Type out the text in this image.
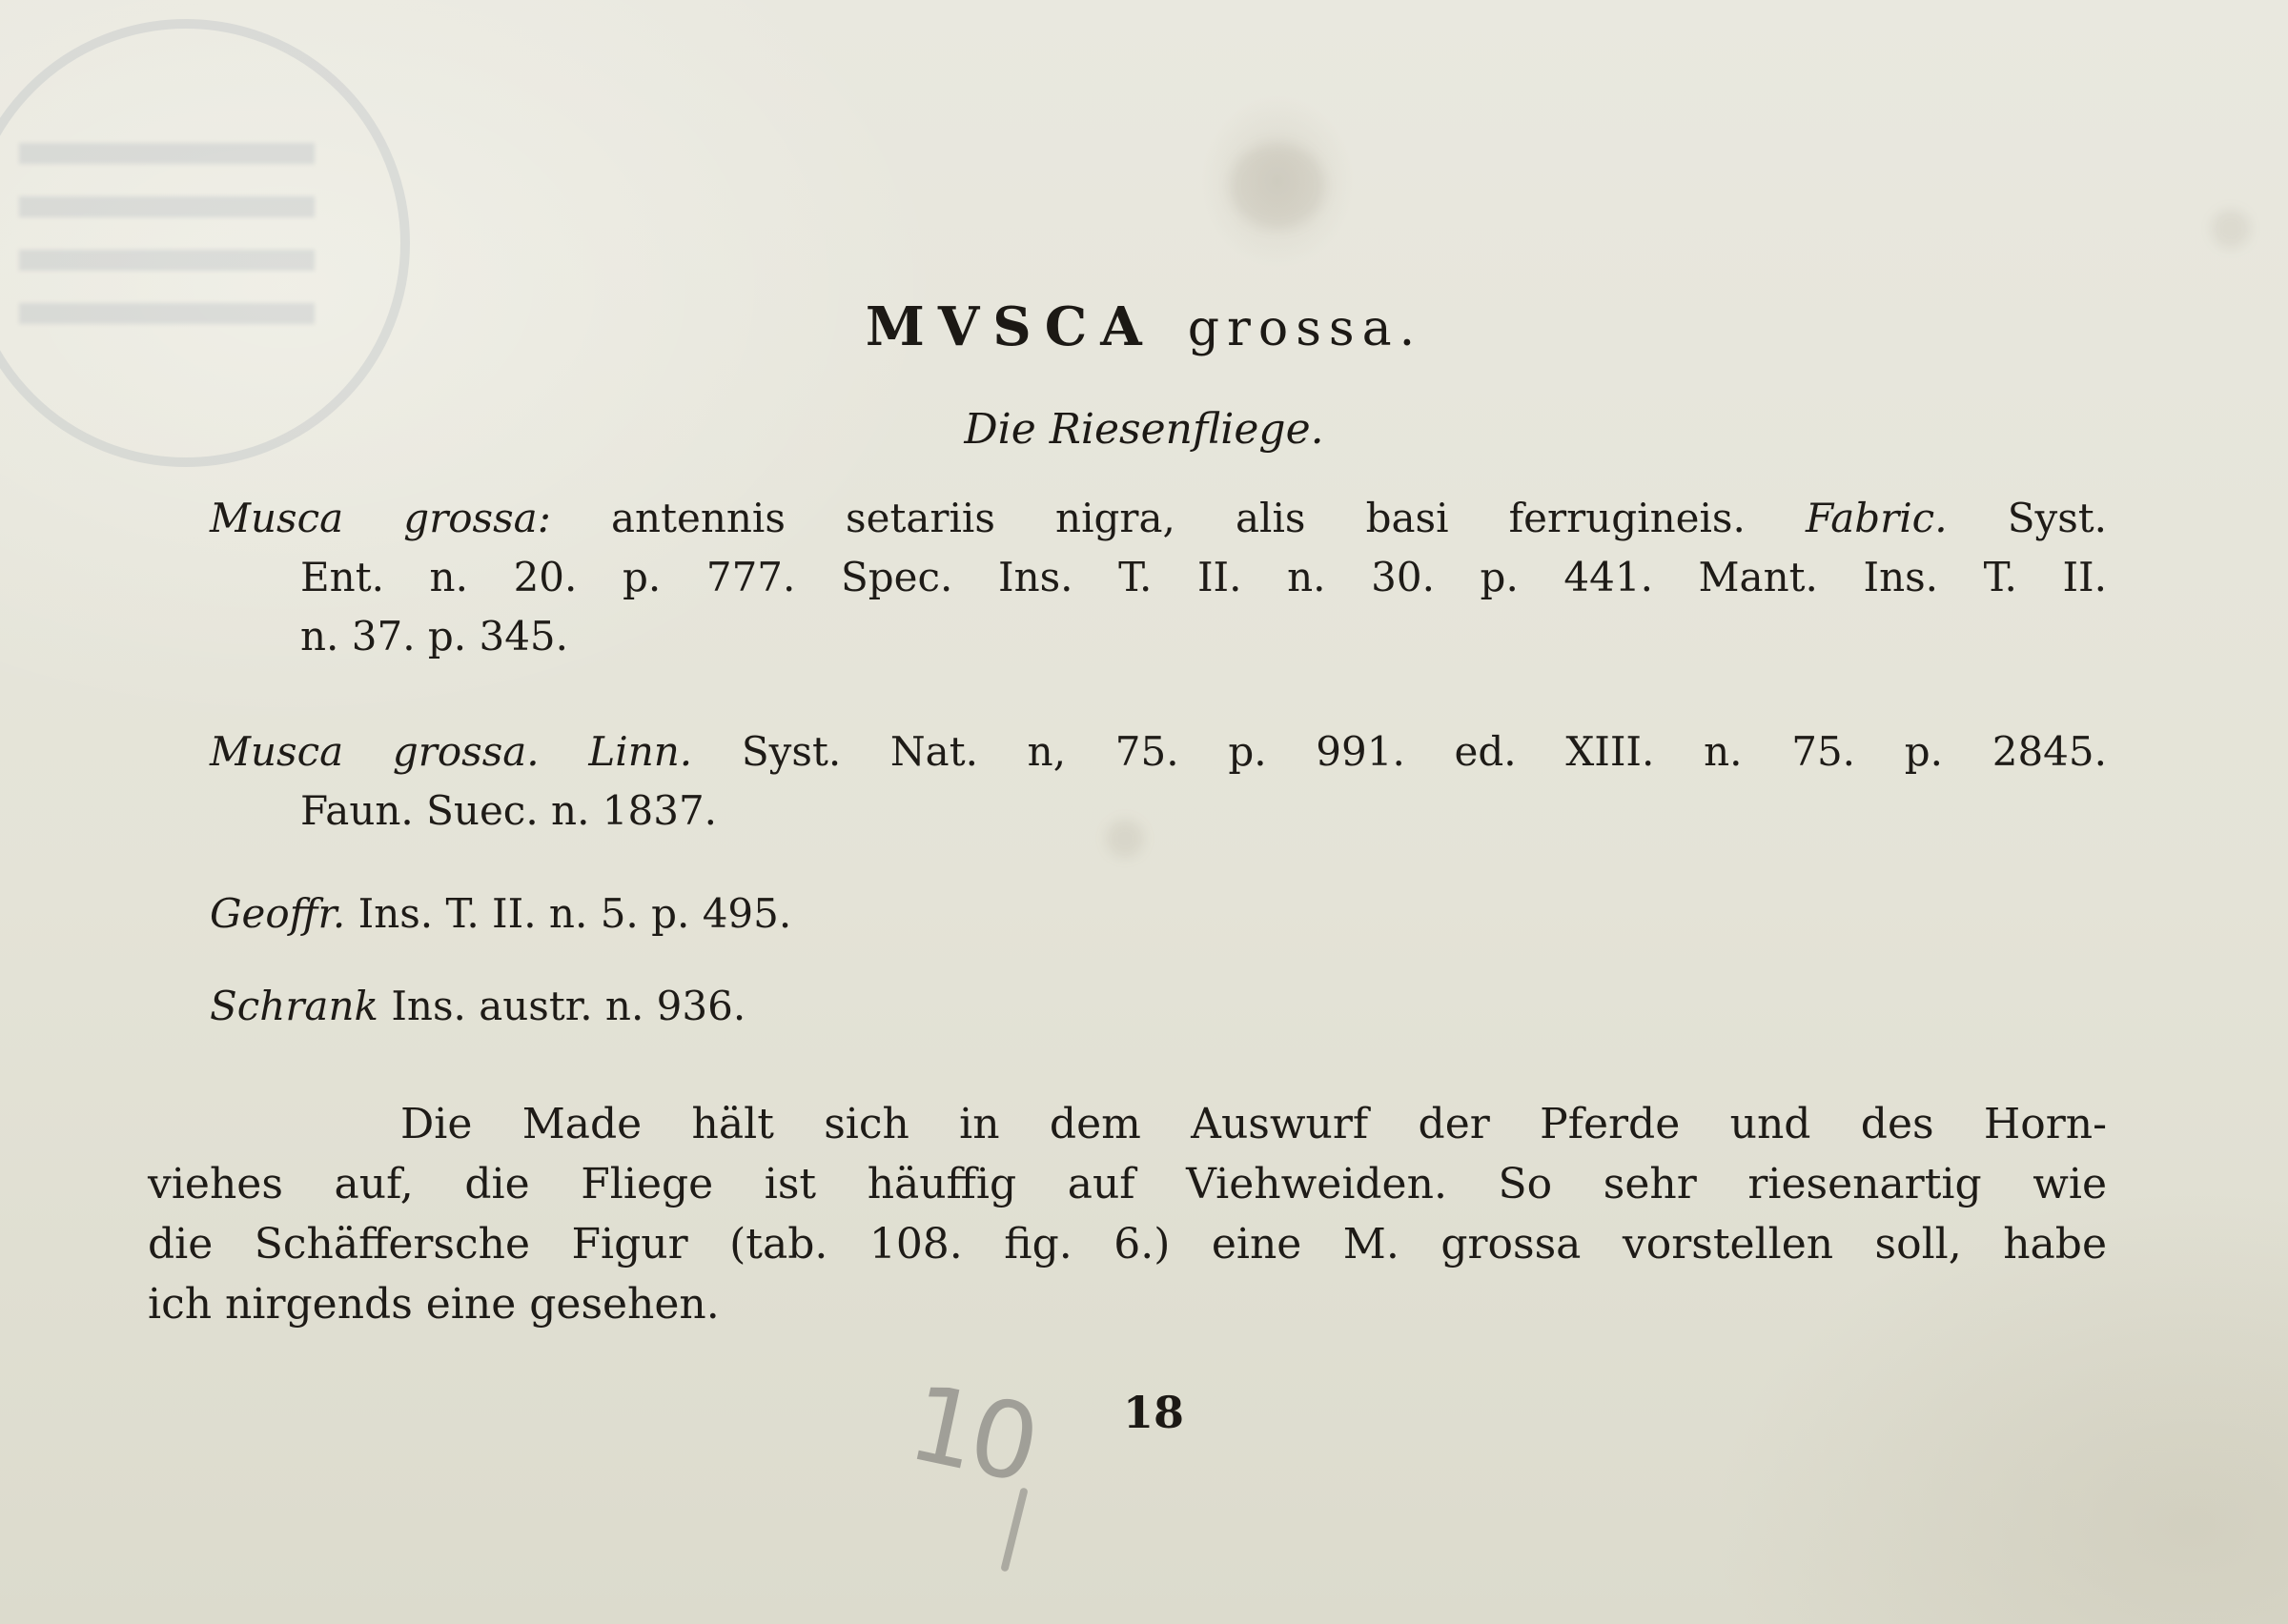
MVSCA grossa.
Die Riesenfliege.
Musca grossa: antennis setariis nigra, alis basi ferrugineis. Fabric. Syst.
Ent. n. 20. p. 777. Spec. Ins. T. II. n. 30. p. 441. Mant. Ins. T. II.
n. 37. p. 345.
Musca grossa. Linn. Syst. Nat. n, 75. p. 991. ed. XIII. n. 75. p. 2845.
Faun. Suec. n. 1837.
Geoffr. Ins. T. II. n. 5. p. 495.
Schrank Ins. austr. n. 936.
Die Made hält sich in dem Auswurf der Pferde und des Horn-
viehes auf, die Fliege ist häuffig auf Viehweiden. So sehr riesenartig wie
die Schäffersche Figur (tab. 108. fig. 6.) eine M. grossa vorstellen soll, habe
ich nirgends eine gesehen.
10 18
